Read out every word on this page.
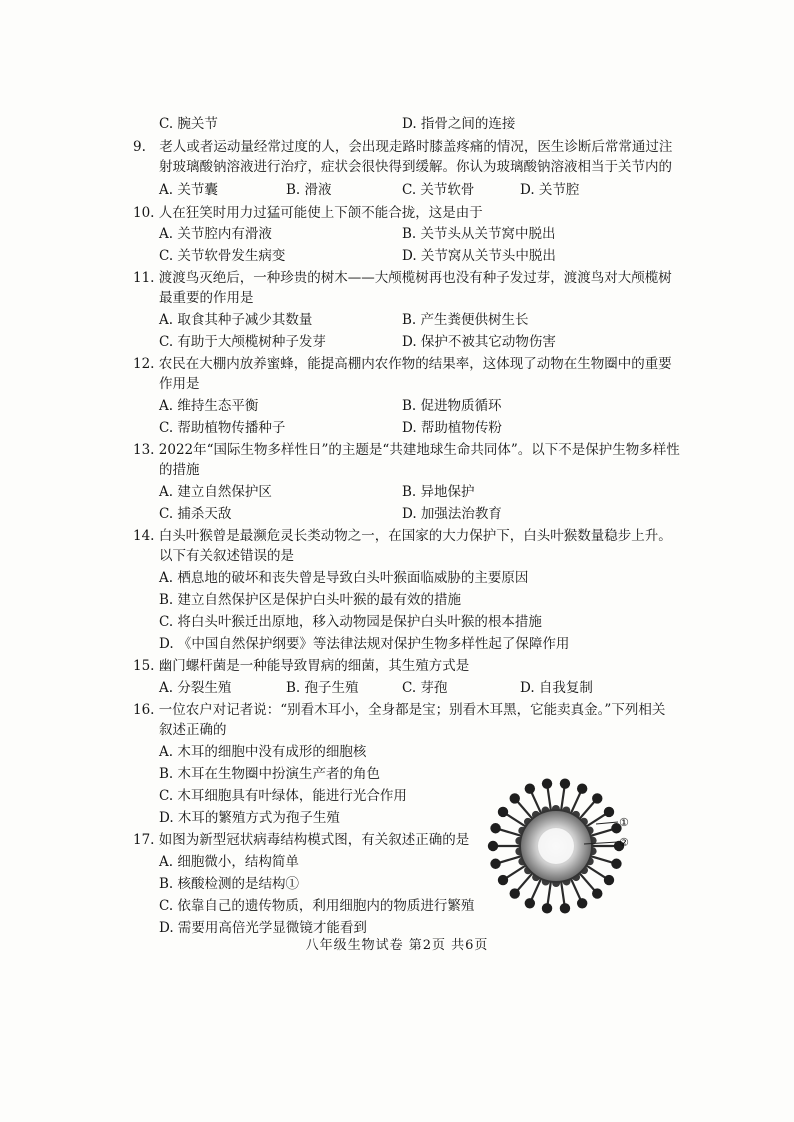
C. 腕关节	D. 指骨之间的连接
9.　老人或者运动量经常过度的人，会出现走路时膝盖疼痛的情况，医生诊断后常常通过注
射玻璃酸钠溶液进行治疗，症状会很快得到缓解。你认为玻璃酸钠溶液相当于关节内的
A. 关节囊	B. 滑液	C. 关节软骨	D. 关节腔
10. 人在狂笑时用力过猛可能使上下颌不能合拢，这是由于
A. 关节腔内有滑液	B. 关节头从关节窝中脱出
C. 关节软骨发生病变	D. 关节窝从关节头中脱出
11. 渡渡鸟灭绝后，一种珍贵的树木——大颅榄树再也没有种子发过芽，渡渡鸟对大颅榄树
最重要的作用是
A. 取食其种子减少其数量	B. 产生粪便供树生长
C. 有助于大颅榄树种子发芽	D. 保护不被其它动物伤害
12. 农民在大棚内放养蜜蜂，能提高棚内农作物的结果率，这体现了动物在生物圈中的重要
作用是
A. 维持生态平衡	B. 促进物质循环
C. 帮助植物传播种子	D. 帮助植物传粉
13. 2022年“国际生物多样性日”的主题是“共建地球生命共同体”。以下不是保护生物多样性
的措施
A. 建立自然保护区	B. 异地保护
C. 捕杀天敌	D. 加强法治教育
14. 白头叶猴曾是最濒危灵长类动物之一，在国家的大力保护下，白头叶猴数量稳步上升。
以下有关叙述错误的是
A. 栖息地的破坏和丧失曾是导致白头叶猴面临威胁的主要原因
B. 建立自然保护区是保护白头叶猴的最有效的措施
C. 将白头叶猴迁出原地，移入动物园是保护白头叶猴的根本措施
D. 《中国自然保护纲要》等法律法规对保护生物多样性起了保障作用
15. 幽门螺杆菌是一种能导致胃病的细菌，其生殖方式是
A. 分裂生殖	B. 孢子生殖	C. 芽孢	D. 自我复制
16. 一位农户对记者说：“别看木耳小，全身都是宝；别看木耳黑，它能卖真金。”下列相关
叙述正确的
A. 木耳的细胞中没有成形的细胞核
B. 木耳在生物圈中扮演生产者的角色
C. 木耳细胞具有叶绿体，能进行光合作用
D. 木耳的繁殖方式为孢子生殖
17. 如图为新型冠状病毒结构模式图，有关叙述正确的是
A. 细胞微小，结构简单
B. 核酸检测的是结构①
C. 依靠自己的遗传物质，利用细胞内的物质进行繁殖
①
②
八年级生物试卷 第2页 共6页
D. 需要用高倍光学显微镜才能看到
